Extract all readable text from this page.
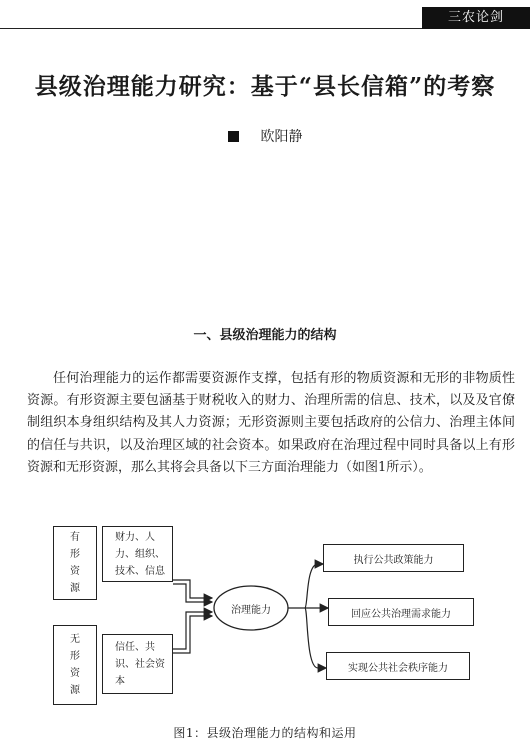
三农论剑
县级治理能力研究：基于“县长信箱”的考察
欧阳静
一、县级治理能力的结构

任何治理能力的运作都需要资源作支撑，包括有形的物质资源和无形的非物质性资源。有形资源主要包涵基于财税收入的财力、治理所需的信息、技术，以及及官僚制组织本身组织结构及其人力资源；无形资源则主要包括政府的公信力、治理主体间的信任与共识，以及治理区域的社会资本。如果政府在治理过程中同时具备以上有形资源和无形资源，那么其将会具备以下三方面治理能力（如图1所示）。

有
形
资
源
财力、人力、组织、技术、信息
无
形
资
源
信任、共识、社会资本
治理能力
执行公共政策能力
回应公共治理需求能力
实现公共社会秩序能力
图1：县级治理能力的结构和运用
